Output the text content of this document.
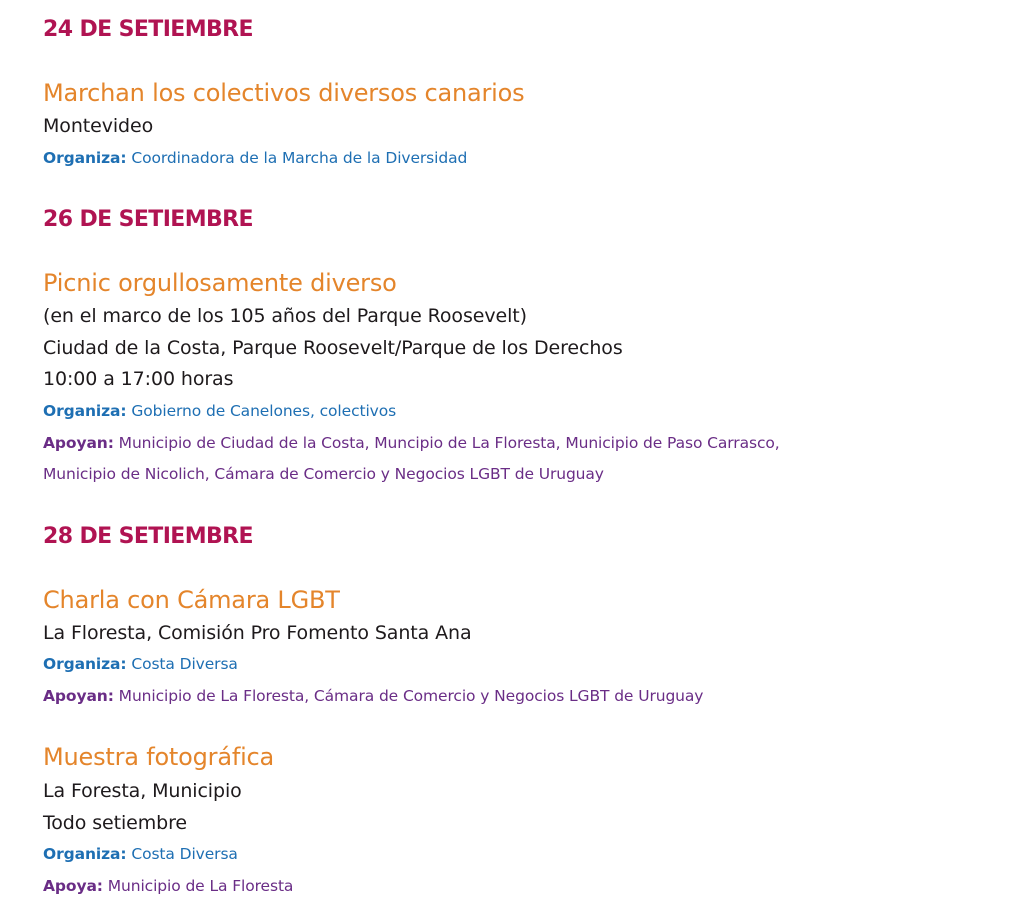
24 DE SETIEMBRE
Marchan los colectivos diversos canarios
Montevideo
Organiza: Coordinadora de la Marcha de la Diversidad
26 DE SETIEMBRE
Picnic orgullosamente diverso
(en el marco de los 105 años del Parque Roosevelt)
Ciudad de la Costa, Parque Roosevelt/Parque de los Derechos
10:00 a 17:00 horas
Organiza: Gobierno de Canelones, colectivos
Apoyan: Municipio de Ciudad de la Costa, Muncipio de La Floresta, Municipio de Paso Carrasco,
Municipio de Nicolich, Cámara de Comercio y Negocios LGBT de Uruguay
28 DE SETIEMBRE
Charla con Cámara LGBT
La Floresta, Comisión Pro Fomento Santa Ana
Organiza: Costa Diversa
Apoyan: Municipio de La Floresta, Cámara de Comercio y Negocios LGBT de Uruguay
Muestra fotográfica
La Foresta, Municipio
Todo setiembre
Organiza: Costa Diversa
Apoya: Municipio de La Floresta
